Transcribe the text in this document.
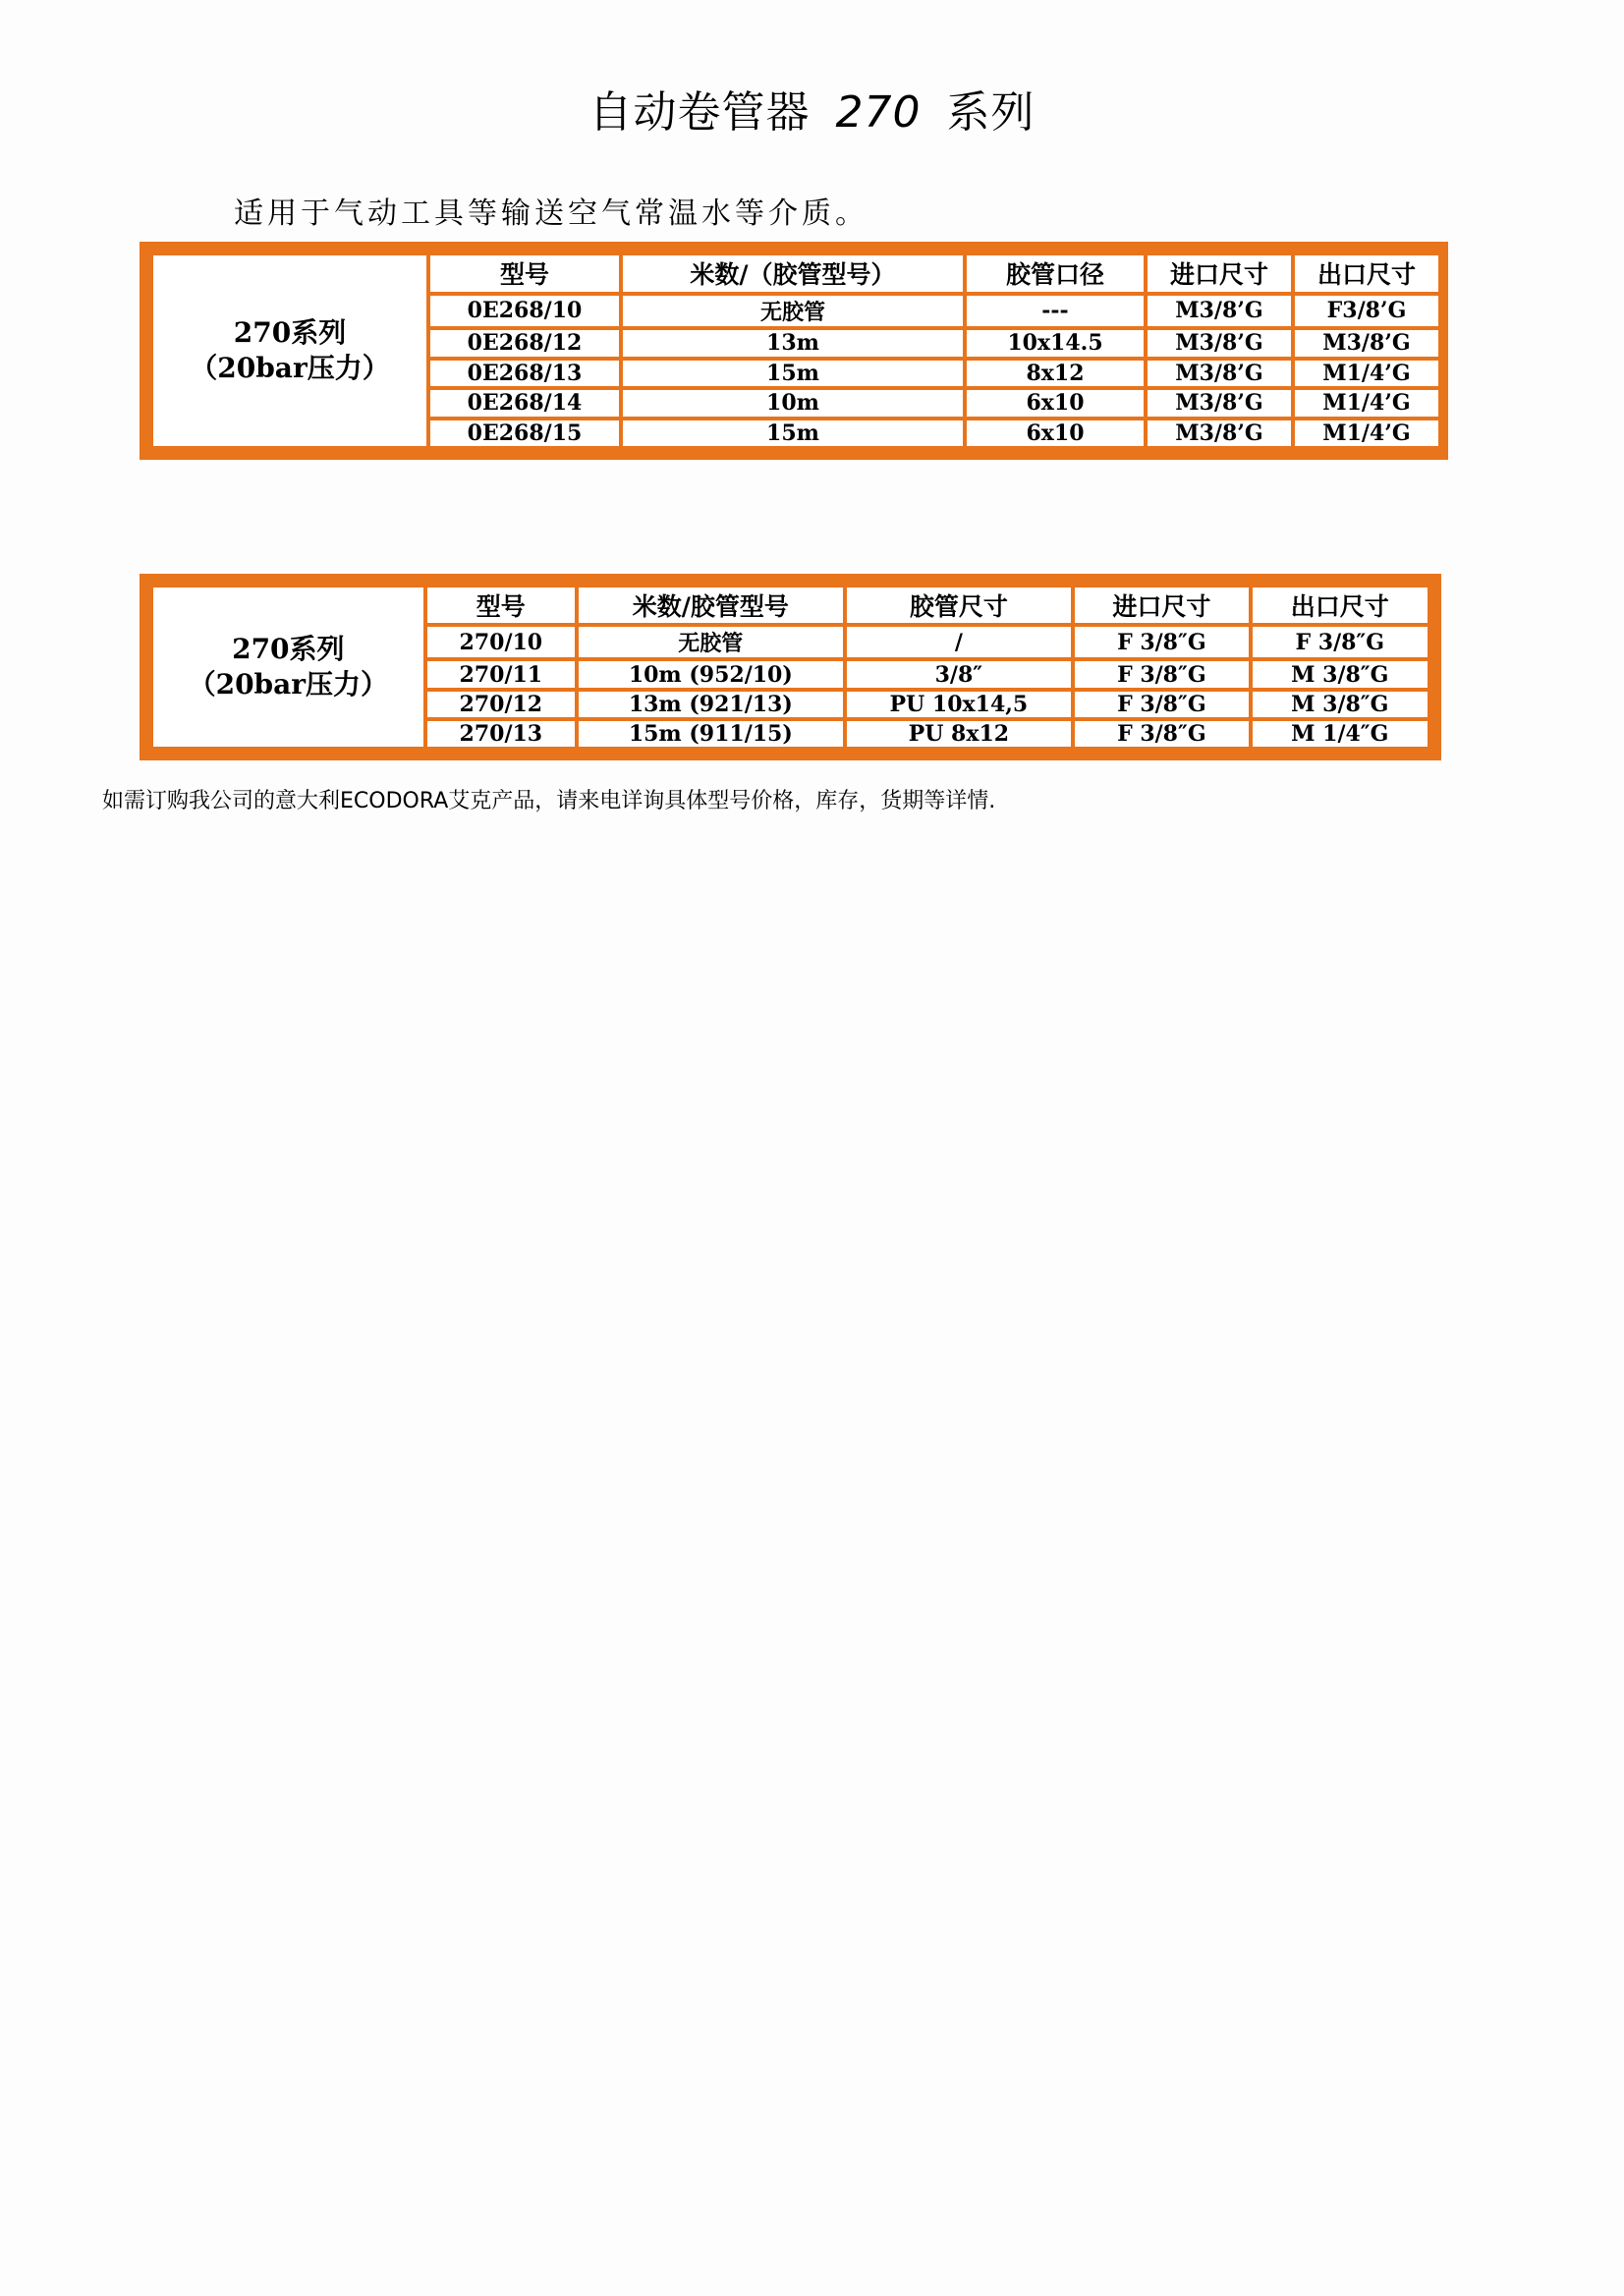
自动卷管器 270 系列
适用于气动工具等输送空气常温水等介质。
270系列
（20bar压力）	型号	米数/（胶管型号）	胶管口径	进口尺寸	出口尺寸
	0E268/10	无胶管	---	M3/8’G	F3/8’G
	0E268/12	13m	10x14.5	M3/8’G	M3/8’G
	0E268/13	15m	8x12	M3/8’G	M1/4’G
	0E268/14	10m	6x10	M3/8’G	M1/4’G
	0E268/15	15m	6x10	M3/8’G	M1/4’G
270系列
（20bar压力）	型号	米数/胶管型号	胶管尺寸	进口尺寸	出口尺寸
	270/10	无胶管	/	F 3/8″G	F 3/8″G
	270/11	10m (952/10)	3/8″	F 3/8″G	M 3/8″G
	270/12	13m (921/13)	PU 10x14,5	F 3/8″G	M 3/8″G
	270/13	15m (911/15)	PU 8x12	F 3/8″G	M 1/4″G
如需订购我公司的意大利ECODORA艾克产品，请来电详询具体型号价格，库存，货期等详情.
